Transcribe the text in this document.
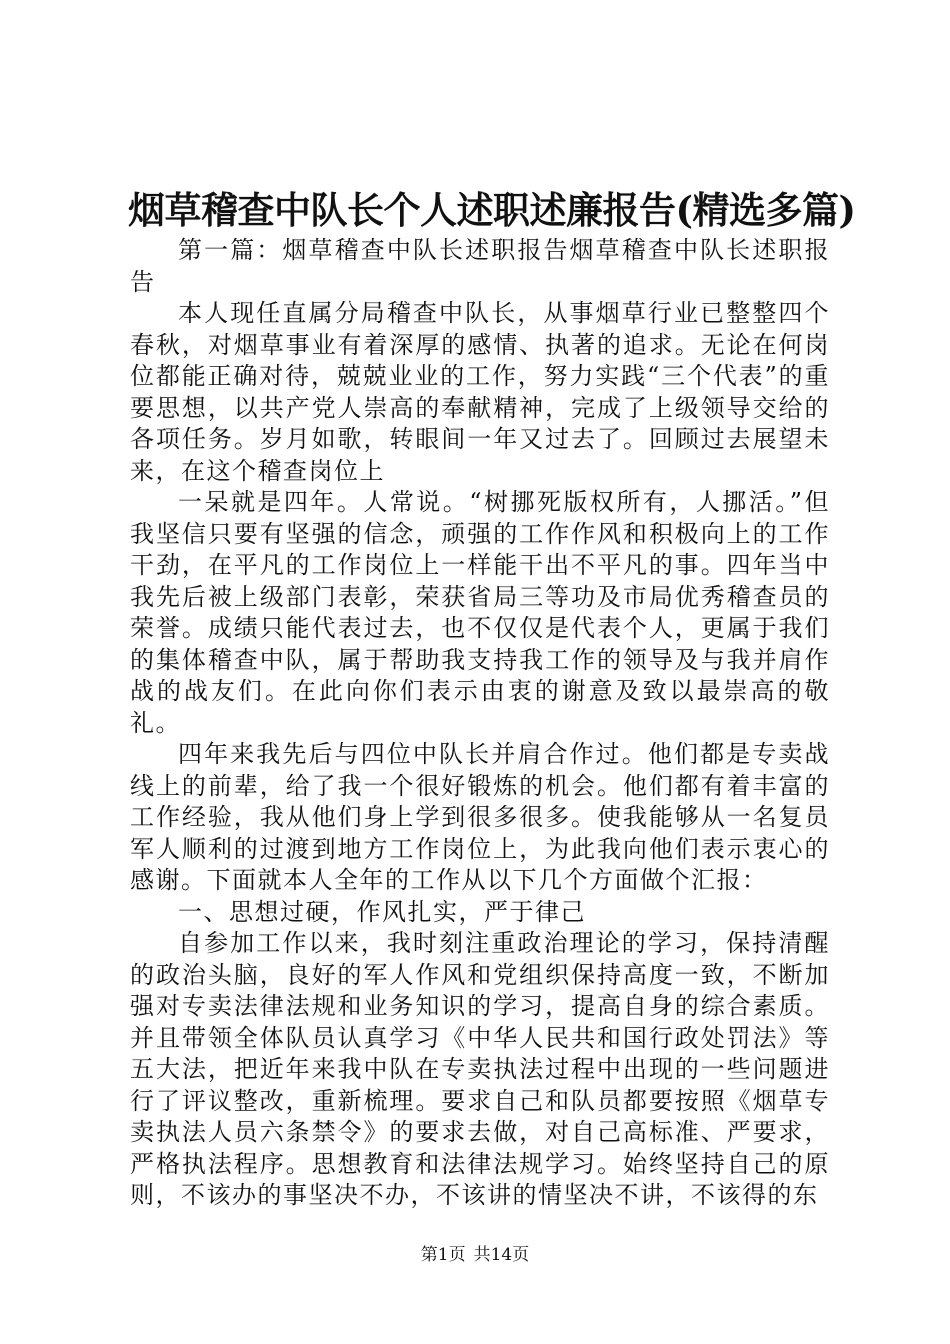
烟草稽查中队长个人述职述廉报告(精选多篇)

第一篇：烟草稽查中队长述职报告烟草稽查中队长述职报告

本人现任直属分局稽查中队长，从事烟草行业已整整四个春秋，对烟草事业有着深厚的感情、执著的追求。无论在何岗位都能正确对待，兢兢业业的工作，努力实践“三个代表”的重要思想，以共产党人崇高的奉献精神，完成了上级领导交给的各项任务。岁月如歌，转眼间一年又过去了。回顾过去展望未来，在这个稽查岗位上

一呆就是四年。人常说。“树挪死版权所有，人挪活。”但我坚信只要有坚强的信念，顽强的工作作风和积极向上的工作干劲，在平凡的工作岗位上一样能干出不平凡的事。四年当中我先后被上级部门表彰，荣获省局三等功及市局优秀稽查员的荣誉。成绩只能代表过去，也不仅仅是代表个人，更属于我们的集体稽查中队，属于帮助我支持我工作的领导及与我并肩作战的战友们。在此向你们表示由衷的谢意及致以最崇高的敬礼。

四年来我先后与四位中队长并肩合作过。他们都是专卖战线上的前辈，给了我一个很好锻炼的机会。他们都有着丰富的工作经验，我从他们身上学到很多很多。使我能够从一名复员军人顺利的过渡到地方工作岗位上，为此我向他们表示衷心的感谢。下面就本人全年的工作从以下几个方面做个汇报：

一、思想过硬，作风扎实，严于律己

自参加工作以来，我时刻注重政治理论的学习，保持清醒的政治头脑，良好的军人作风和党组织保持高度一致，不断加强对专卖法律法规和业务知识的学习，提高自身的综合素质。并且带领全体队员认真学习《中华人民共和国行政处罚法》等五大法，把近年来我中队在专卖执法过程中出现的一些问题进行了评议整改，重新梳理。要求自己和队员都要按照《烟草专卖执法人员六条禁令》的要求去做，对自己高标准、严要求，严格执法程序。思想教育和法律法规学习。始终坚持自己的原则，不该办的事坚决不办，不该讲的情坚决不讲，不该得的东

第1页 共14页
